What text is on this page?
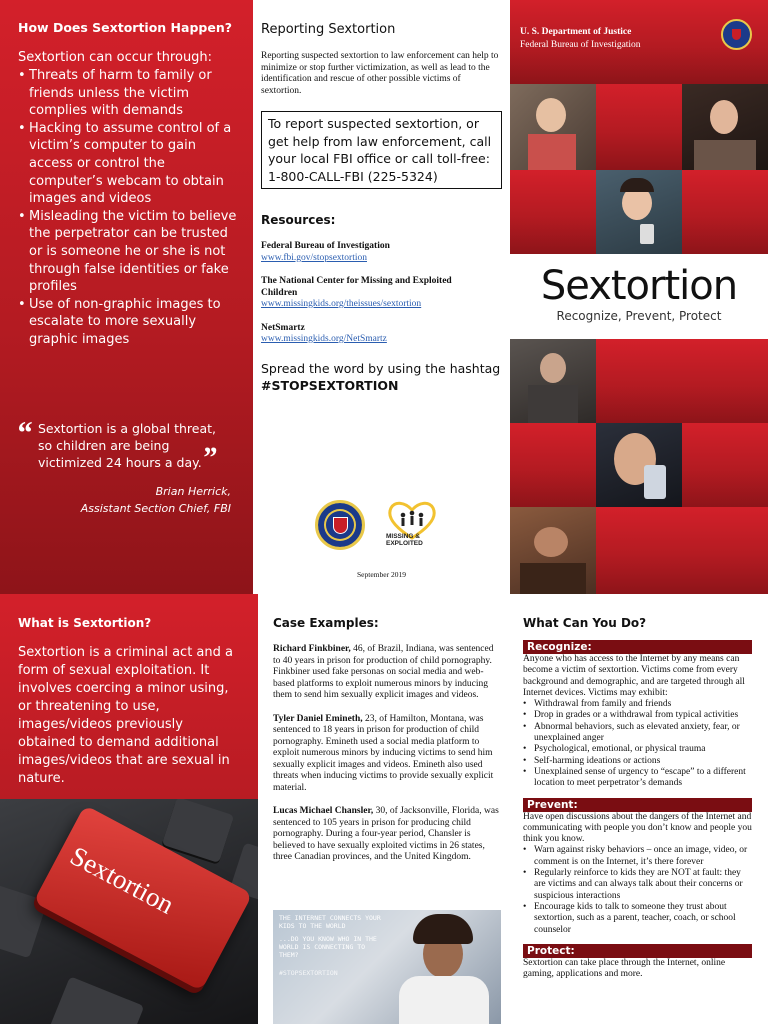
How Does Sextortion Happen?
Sextortion can occur through:
• Threats of harm to family or friends unless the victim complies with demands
• Hacking to assume control of a victim’s computer to gain access or control the computer’s webcam to obtain images and videos
• Misleading the victim to believe the perpetrator can be trusted or is someone he or she is not through false identities or fake profiles
• Use of non-graphic images to escalate to more sexually graphic images
“ Sextortion is a global threat, so children are being victimized 24 hours a day.”
Brian Herrick,
Assistant Section Chief, FBI
Reporting Sextortion

Reporting suspected sextortion to law enforcement can help to minimize or stop further victimization, as well as lead to the identification and rescue of other possible victims of sextortion.

To report suspected sextortion, or get help from law enforcement, call your local FBI office or call toll-free: 1-800-CALL-FBI (225-5324)
Resources:
Federal Bureau of Investigation
www.fbi.gov/stopsextortion
The National Center for Missing and Exploited Children
www.missingkids.org/theissues/sextortion
NetSmartz
www.missingkids.org/NetSmartz
Spread the word by using the hashtag #STOPSEXTORTION
MISSING & EXPLOITED
September 2019
U. S. Department of Justice
Federal Bureau of Investigation
Sextortion
Recognize, Prevent, Protect
What is Sextortion?

Sextortion is a criminal act and a form of sexual exploitation. It involves coercing a minor using, or threatening to use, images/videos previously obtained to demand additional images/videos that are sexual in nature.

Sextortion
Case Examples:

Richard Finkbiner, 46, of Brazil, Indiana, was sentenced to 40 years in prison for production of child pornography. Finkbiner used fake personas on social media and web-based platforms to exploit numerous minors by inducing them to send him sexually explicit images and videos.

Tyler Daniel Emineth, 23, of Hamilton, Montana, was sentenced to 18 years in prison for production of child pornography. Emineth used a social media platform to exploit numerous minors by inducing victims to send him sexually explicit images and videos. Emineth also used threats when inducing victims to provide sexually explicit material.

Lucas Michael Chansler, 30, of Jacksonville, Florida, was sentenced to 105 years in prison for producing child pornography. During a four-year period, Chansler is believed to have sexually exploited victims in 26 states, three Canadian provinces, and the United Kingdom.

THE INTERNET CONNECTS YOUR KIDS TO THE WORLD
...DO YOU KNOW WHO IN THE WORLD IS CONNECTING TO THEM?
#STOPSEXTORTION
What Can You Do?
Recognize:

Anyone who has access to the Internet by any means can become a victim of sextortion. Victims come from every background and demographic, and are targeted through all Internet devices. Victims may exhibit:

• Withdrawal from family and friends
• Drop in grades or a withdrawal from typical activities
• Abnormal behaviors, such as elevated anxiety, fear, or unexplained anger
• Psychological, emotional, or physical trauma
• Self-harming ideations or actions
• Unexplained sense of urgency to “escape” to a different location to meet perpetrator’s demands
Prevent:

Have open discussions about the dangers of the Internet and communicating with people you don’t know and people you think you know.

• Warn against risky behaviors – once an image, video, or comment is on the Internet, it’s there forever
• Regularly reinforce to kids they are NOT at fault: they are victims and can always talk about their concerns or suspicious interactions
• Encourage kids to talk to someone they trust about sextortion, such as a parent, teacher, coach, or school counselor
Protect:

Sextortion can take place through the Internet, online gaming, applications and more.
